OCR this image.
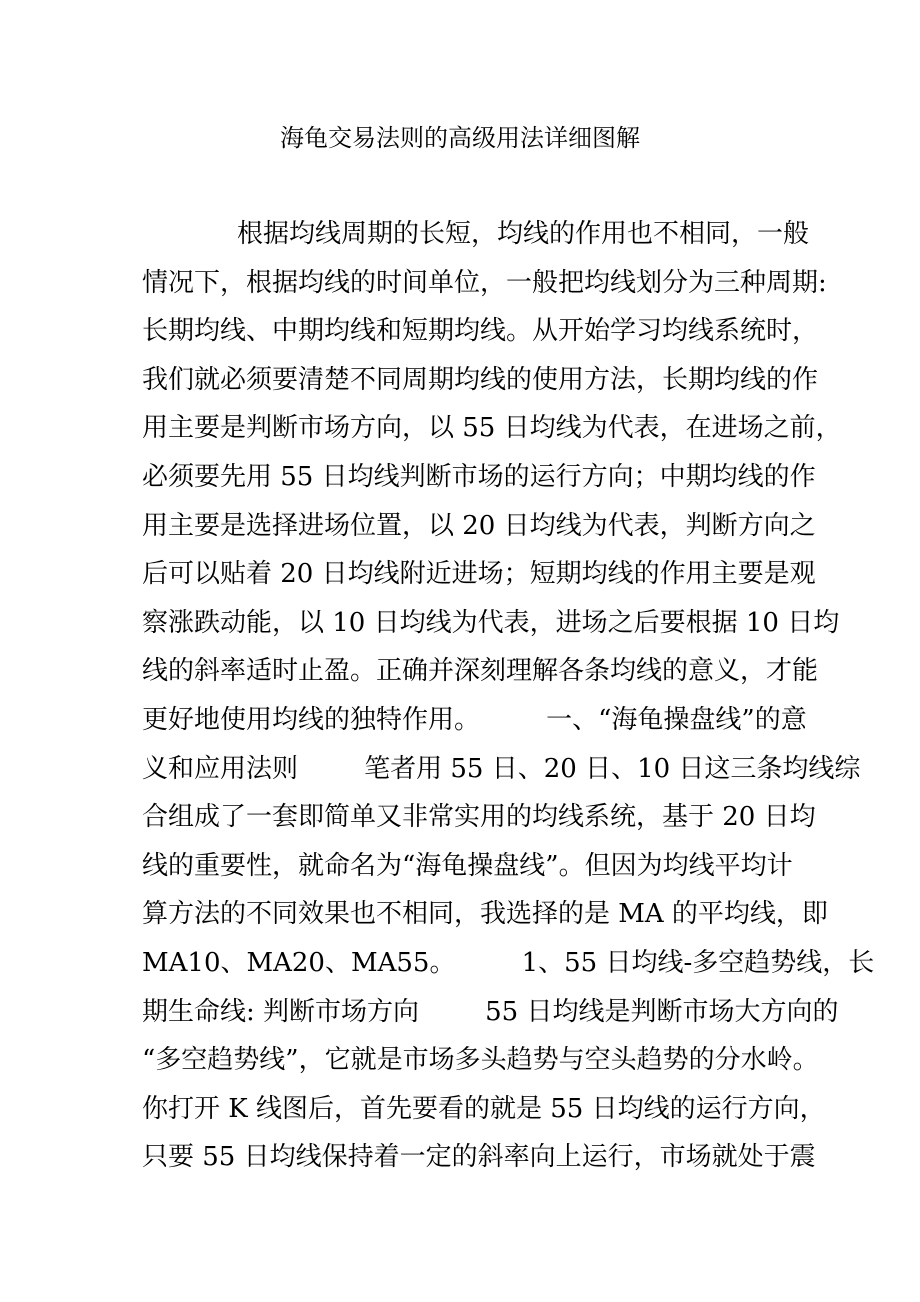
海龟交易法则的高级用法详细图解
根据均线周期的长短，均线的作用也不相同，一般
情况下，根据均线的时间单位，一般把均线划分为三种周期:
长期均线、中期均线和短期均线。从开始学习均线系统时，
我们就必须要清楚不同周期均线的使用方法，长期均线的作
用主要是判断市场方向，以 55 日均线为代表，在进场之前，
必须要先用 55 日均线判断市场的运行方向；中期均线的作
用主要是选择进场位置，以 20 日均线为代表，判断方向之
后可以贴着 20 日均线附近进场；短期均线的作用主要是观
察涨跌动能，以 10 日均线为代表，进场之后要根据 10 日均
线的斜率适时止盈。正确并深刻理解各条均线的意义，才能
更好地使用均线的独特作用。        一、“海龟操盘线”的意
义和应用法则        笔者用 55 日、20 日、10 日这三条均线综
合组成了一套即简单又非常实用的均线系统，基于 20 日均
线的重要性，就命名为“海龟操盘线”。但因为均线平均计
算方法的不同效果也不相同，我选择的是 MA 的平均线，即
MA10、MA20、MA55。        1、55 日均线-多空趋势线，长
期生命线: 判断市场方向        55 日均线是判断市场大方向的
“多空趋势线”，它就是市场多头趋势与空头趋势的分水岭。
你打开 K 线图后，首先要看的就是 55 日均线的运行方向，
只要 55 日均线保持着一定的斜率向上运行，市场就处于震
